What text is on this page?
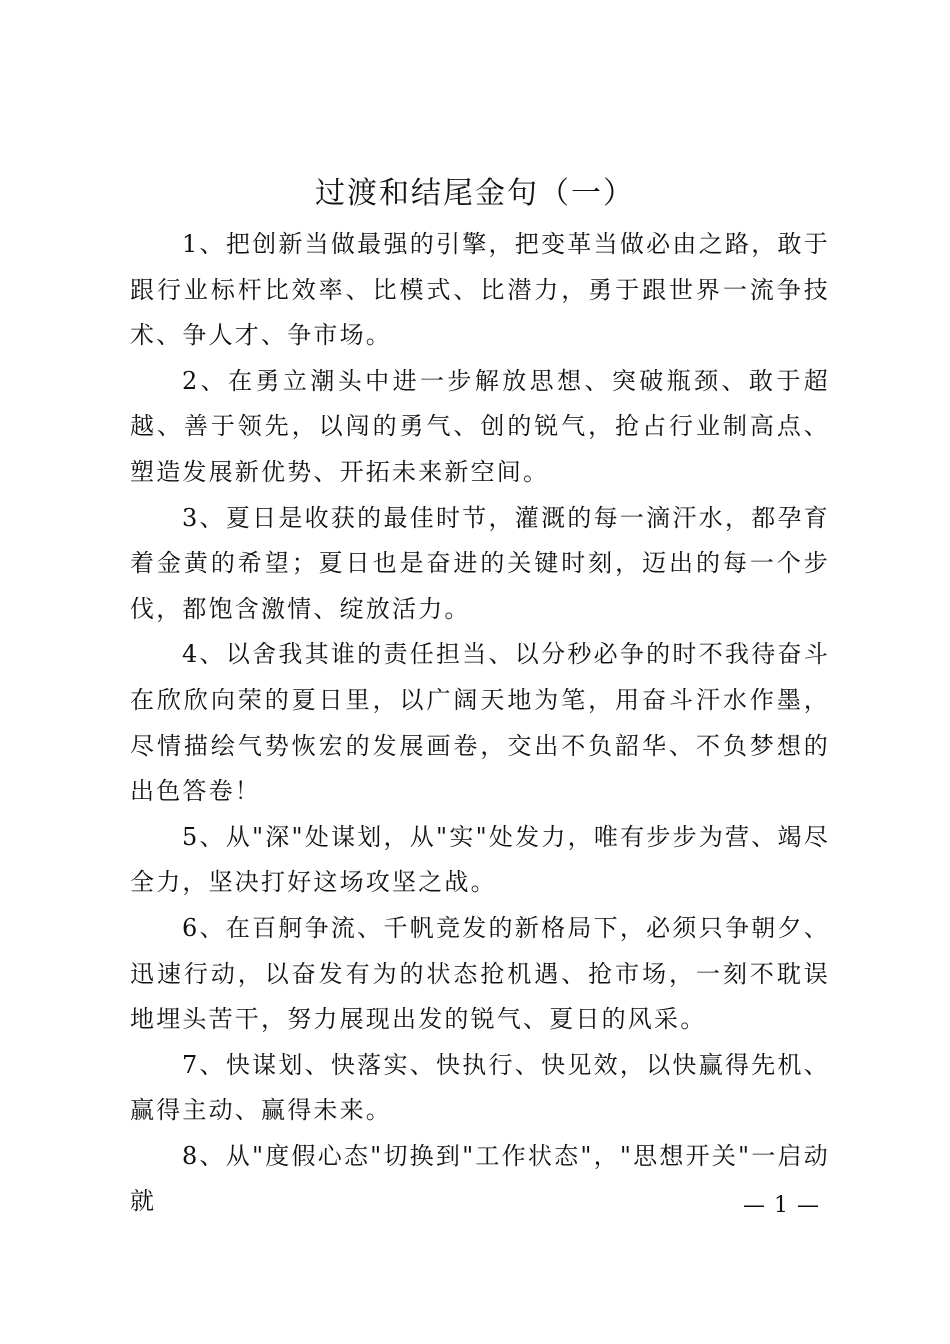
过渡和结尾金句（一）

1、把创新当做最强的引擎，把变革当做必由之路，敢于跟行业标杆比效率、比模式、比潜力，勇于跟世界一流争技术、争人才、争市场。

2、在勇立潮头中进一步解放思想、突破瓶颈、敢于超越、善于领先，以闯的勇气、创的锐气，抢占行业制高点、塑造发展新优势、开拓未来新空间。

3、夏日是收获的最佳时节，灌溉的每一滴汗水，都孕育着金黄的希望；夏日也是奋进的关键时刻，迈出的每一个步伐，都饱含激情、绽放活力。

4、以舍我其谁的责任担当、以分秒必争的时不我待奋斗在欣欣向荣的夏日里，以广阔天地为笔，用奋斗汗水作墨，尽情描绘气势恢宏的发展画卷，交出不负韶华、不负梦想的出色答卷！

5、从"深"处谋划，从"实"处发力，唯有步步为营、竭尽全力，坚决打好这场攻坚之战。

6、在百舸争流、千帆竞发的新格局下，必须只争朝夕、迅速行动，以奋发有为的状态抢机遇、抢市场，一刻不耽误地埋头苦干，努力展现出发的锐气、夏日的风采。

7、快谋划、快落实、快执行、快见效，以快赢得先机、赢得主动、赢得未来。

8、从"度假心态"切换到"工作状态"，"思想开关"一启动就	— 1 —
